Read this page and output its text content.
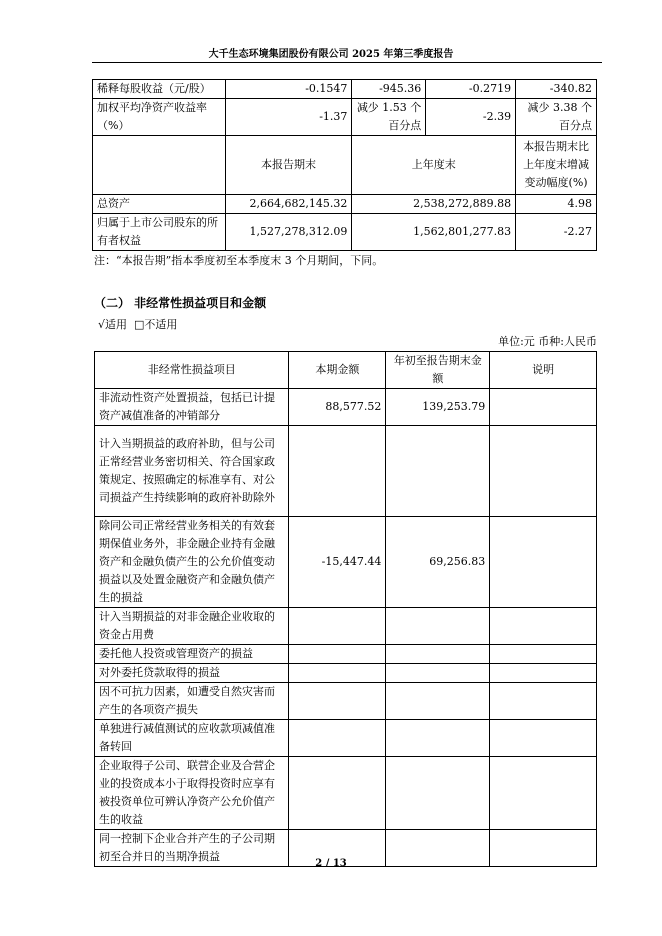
大千生态环境集团股份有限公司 2025 年第三季度报告
稀释每股收益（元/股）	-0.1547	-945.36	-0.2719	-340.82
加权平均净资产收益率（%）	-1.37	减少 1.53 个百分点	-2.39	减少 3.38 个百分点
	本报告期末	上年度末		本报告期末比上年度末增减变动幅度(%)
总资产	2,664,682,145.32	2,538,272,889.88		4.98
归属于上市公司股东的所有者权益	1,527,278,312.09	1,562,801,277.83		-2.27
注：“本报告期”指本季度初至本季度末 3 个月期间，下同。
（二） 非经常性损益项目和金额
√适用 □不适用
单位:元 币种:人民币
非经常性损益项目	本期金额	年初至报告期末金额	说明
非流动性资产处置损益，包括已计提资产减值准备的冲销部分	88,577.52	139,253.79	
计入当期损益的政府补助，但与公司正常经营业务密切相关、符合国家政策规定、按照确定的标准享有、对公司损益产生持续影响的政府补助除外			
除同公司正常经营业务相关的有效套期保值业务外，非金融企业持有金融资产和金融负债产生的公允价值变动损益以及处置金融资产和金融负债产生的损益	-15,447.44	69,256.83	
计入当期损益的对非金融企业收取的资金占用费			
委托他人投资或管理资产的损益			
对外委托贷款取得的损益			
因不可抗力因素，如遭受自然灾害而产生的各项资产损失			
单独进行减值测试的应收款项减值准备转回			
企业取得子公司、联营企业及合营企业的投资成本小于取得投资时应享有被投资单位可辨认净资产公允价值产生的收益			
同一控制下企业合并产生的子公司期初至合并日的当期净损益			
2 / 13
